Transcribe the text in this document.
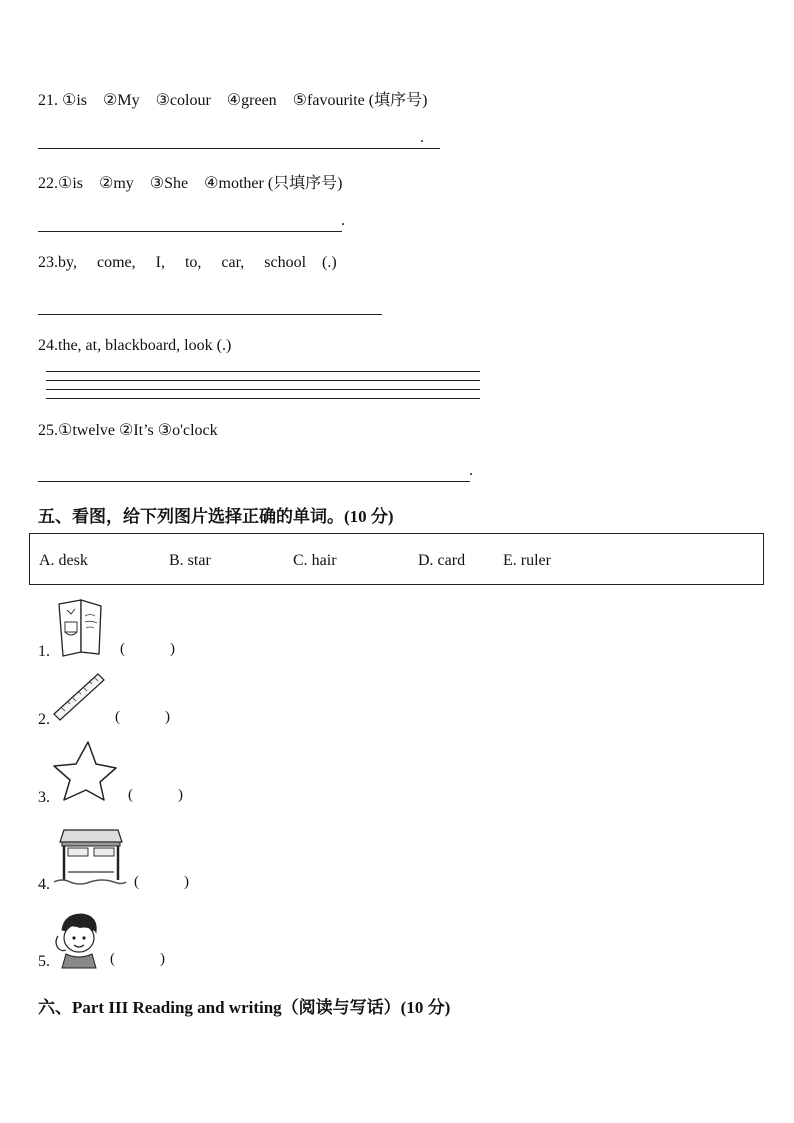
21. ①is    ②My    ③colour    ④green    ⑤favourite (填序号)
.
22.①is    ②my    ③She    ④mother (只填序号)
.
23.by,     come,     I,     to,     car,     school    (.)
24.the, at, blackboard, look (.)
25.①twelve ②It’s ③o'clock
.
五、看图，给下列图片选择正确的单词。(10 分)
A. desk	B. star	C. hair	D. card E. ruler
1.	(            )
2.	(            )
3.	(            )
4.	(            )
5.	(            )
六、Part III Reading and writing（阅读与写话）(10 分)
